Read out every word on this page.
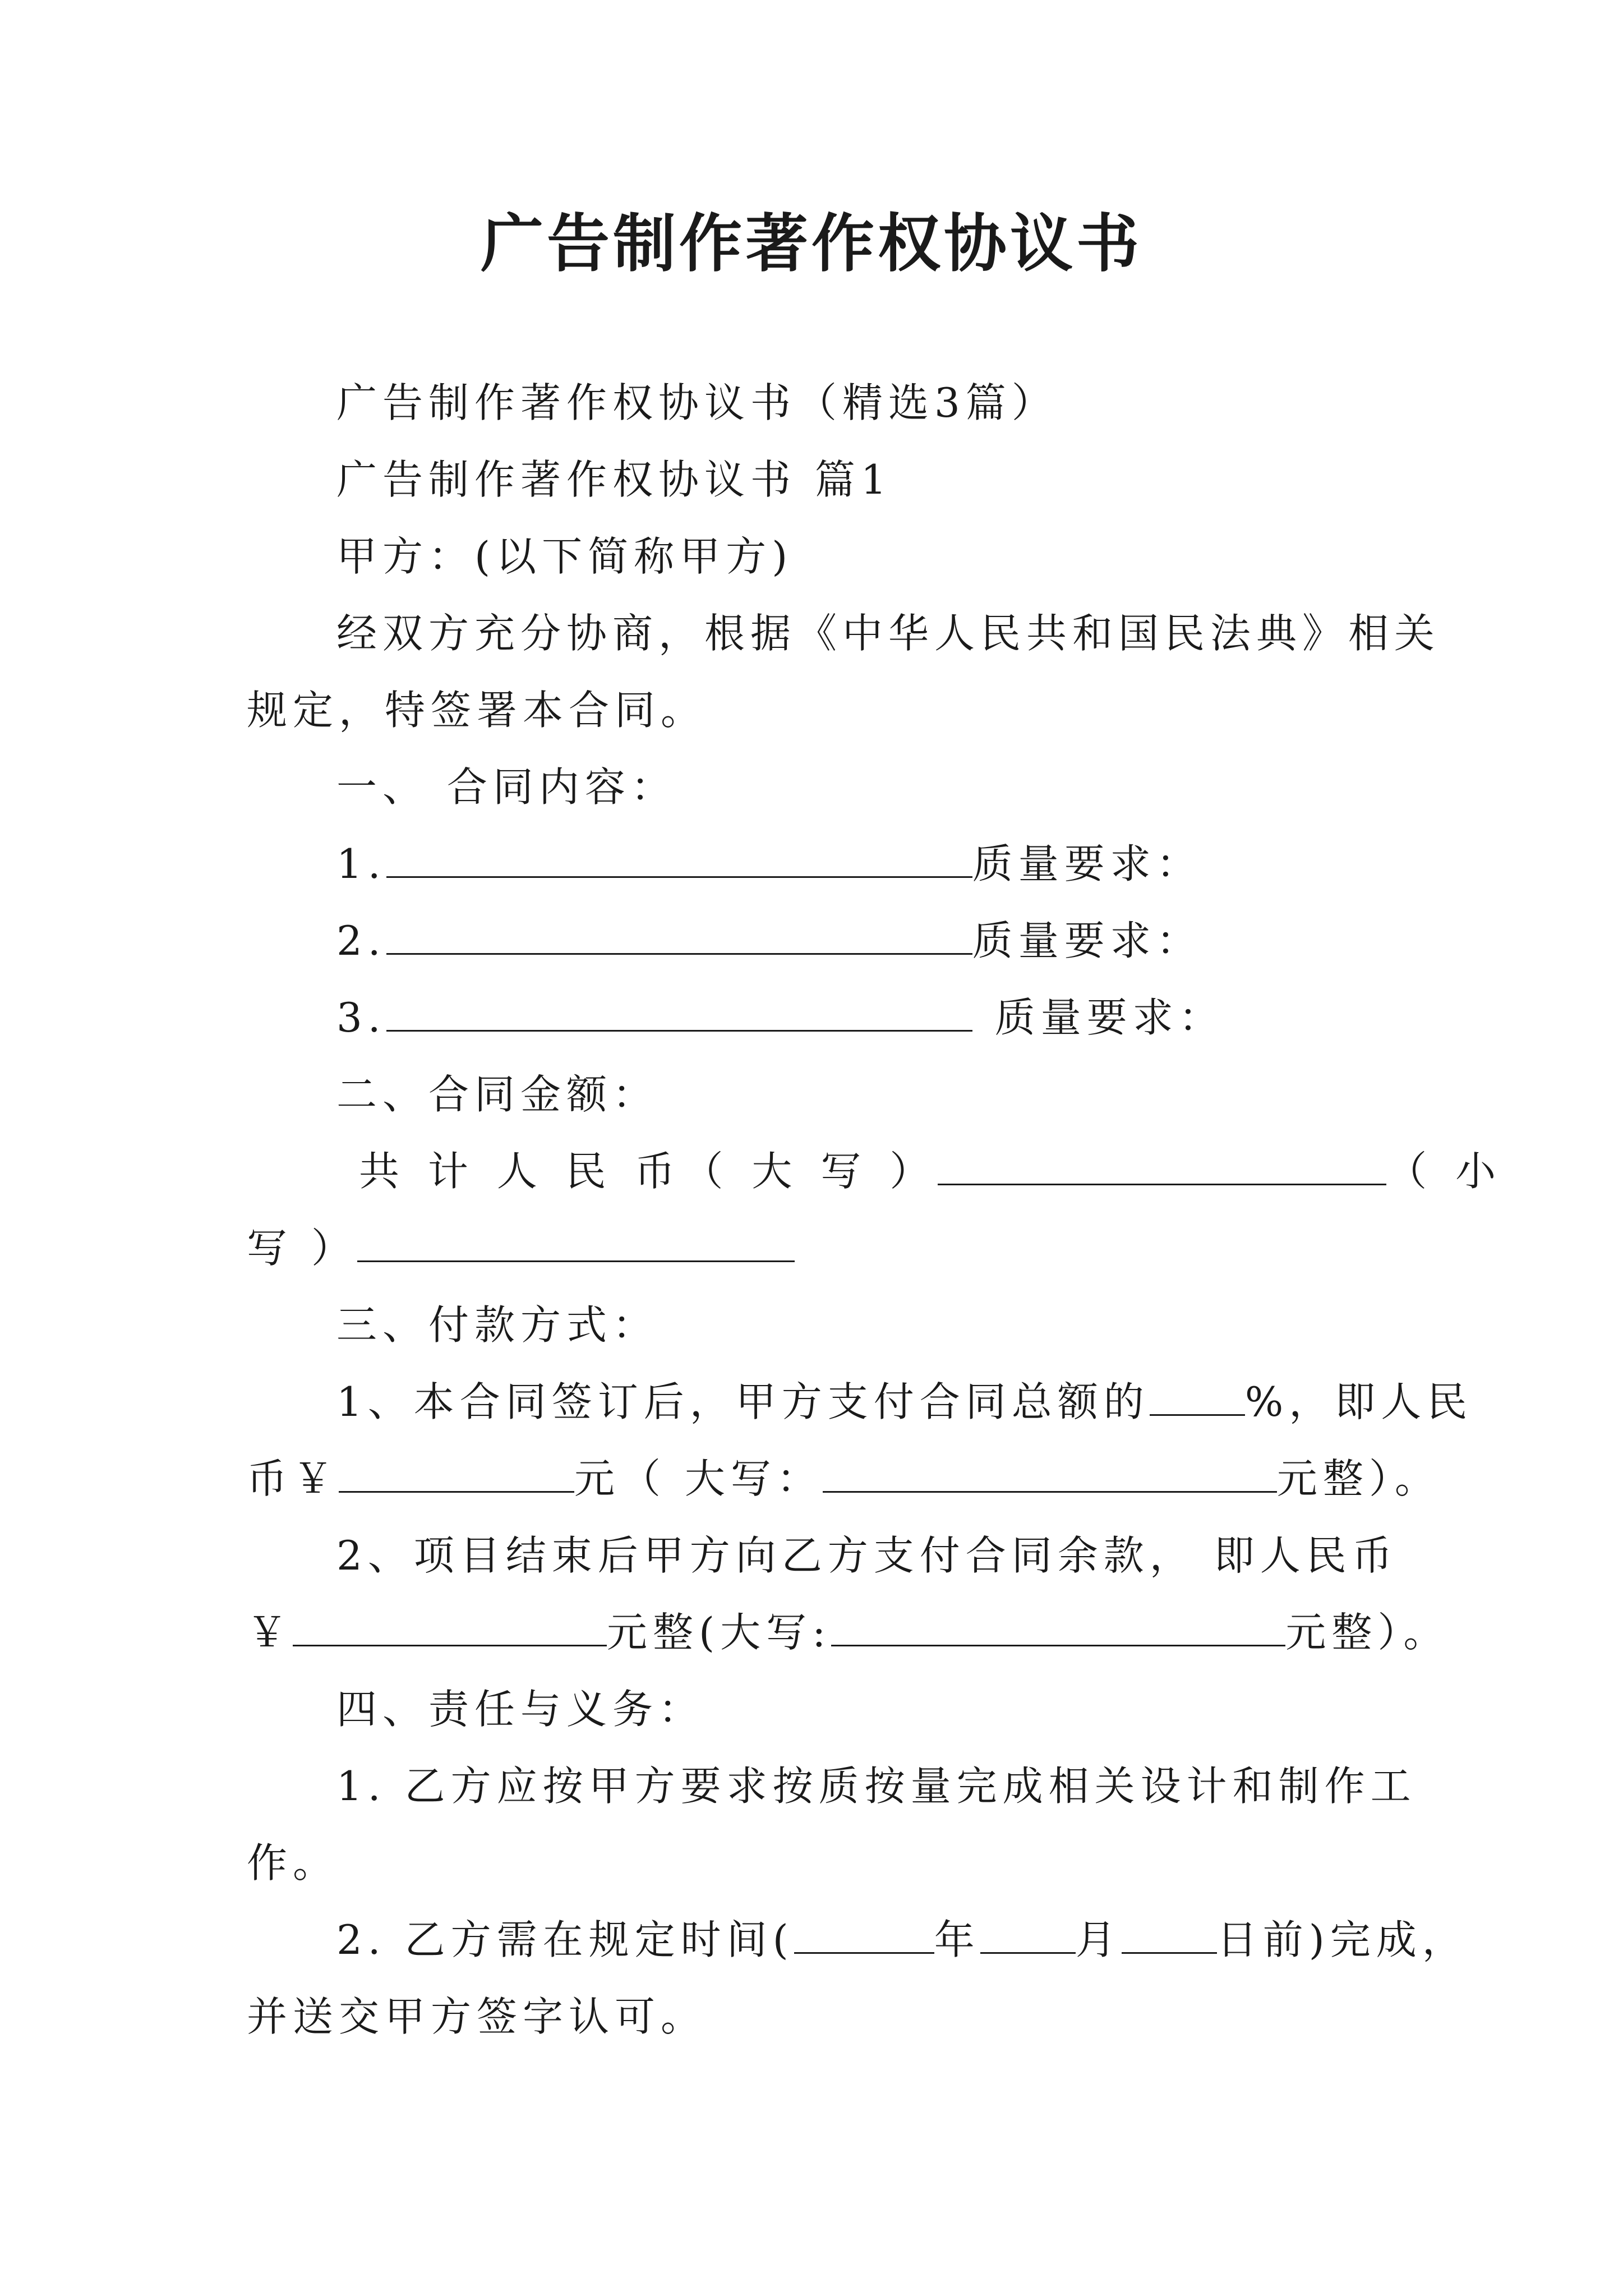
广告制作著作权协议书
广告制作著作权协议书（精选3篇）
广告制作著作权协议书 篇1
甲方：(以下简称甲方)
经双方充分协商，根据《中华人民共和国民法典》相关
规定，特签署本合同。
一、 合同内容：
1.	质量要求：
2.	质量要求：
3.	质量要求：
二、合同金额：
共 计 人 民 币（ 大 写 ）	（ 小
写 ）
三、付款方式：
1、本合同签订后，甲方支付合同总额的 %，即人民
币￥	元（ 大写：	元整）。
2、项目结束后甲方向乙方支付合同余款， 即人民币
￥	元整(大写:	元整）。
四、责任与义务：
1. 乙方应按甲方要求按质按量完成相关设计和制作工
作。
2. 乙方需在规定时间(	年 月 日前)完成，
并送交甲方签字认可。
